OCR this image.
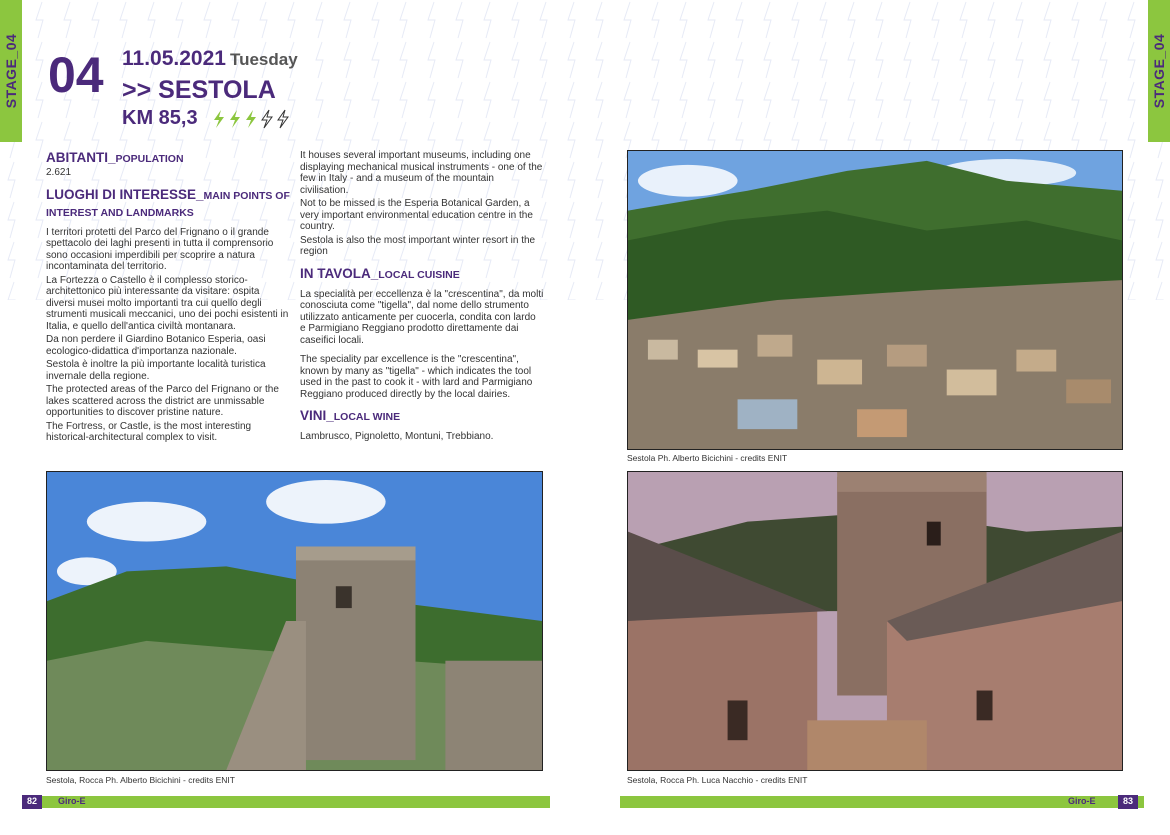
STAGE_04	STAGE_04
04 11.05.2021 Tuesday
>> SESTOLA
KM 85,3
ABITANTI_POPULATION

2.621

LUOGHI DI INTERESSE_MAIN POINTS OF INTEREST AND LANDMARKS

I territori protetti del Parco del Frignano o il grande spettacolo dei laghi presenti in tutta il comprensorio sono occasioni imperdibili per scoprire a natura incontaminata del territorio.

La Fortezza o Castello è il complesso storico-architettonico più interessante da visitare: ospita diversi musei molto importanti tra cui quello degli strumenti musicali meccanici, uno dei pochi esistenti in Italia, e quello dell'antica civiltà montanara.

Da non perdere il Giardino Botanico Esperia, oasi ecologico-didattica d'importanza nazionale.

Sestola è inoltre la più importante località turistica invernale della regione.

The protected areas of the Parco del Frignano or the lakes scattered across the district are unmissable opportunities to discover pristine nature.

The Fortress, or Castle, is the most interesting historical-architectural complex to visit.

It houses several important museums, including one displaying mechanical musical instruments - one of the few in Italy - and a museum of the mountain civilisation.

Not to be missed is the Esperia Botanical Garden, a very important environmental education centre in the country.

Sestola is also the most important winter resort in the region

IN TAVOLA_LOCAL CUISINE

La specialità per eccellenza è la "crescentina", da molti conosciuta come "tigella", dal nome dello strumento utilizzato anticamente per cuocerla, condita con lardo e Parmigiano Reggiano prodotto direttamente dai caseifici locali.

The speciality par excellence is the "crescentina", known by many as "tigella" - which indicates the tool used in the past to cook it - with lard and Parmigiano Reggiano produced directly by the local dairies.

VINI_LOCAL WINE

Lambrusco, Pignoletto, Montuni, Trebbiano.

Sestola Ph. Alberto Bicichini - credits ENIT
Sestola, Rocca Ph. Alberto Bicichini - credits ENIT	Sestola, Rocca Ph. Luca Nacchio - credits ENIT
82	83
Giro-E	Giro-E
